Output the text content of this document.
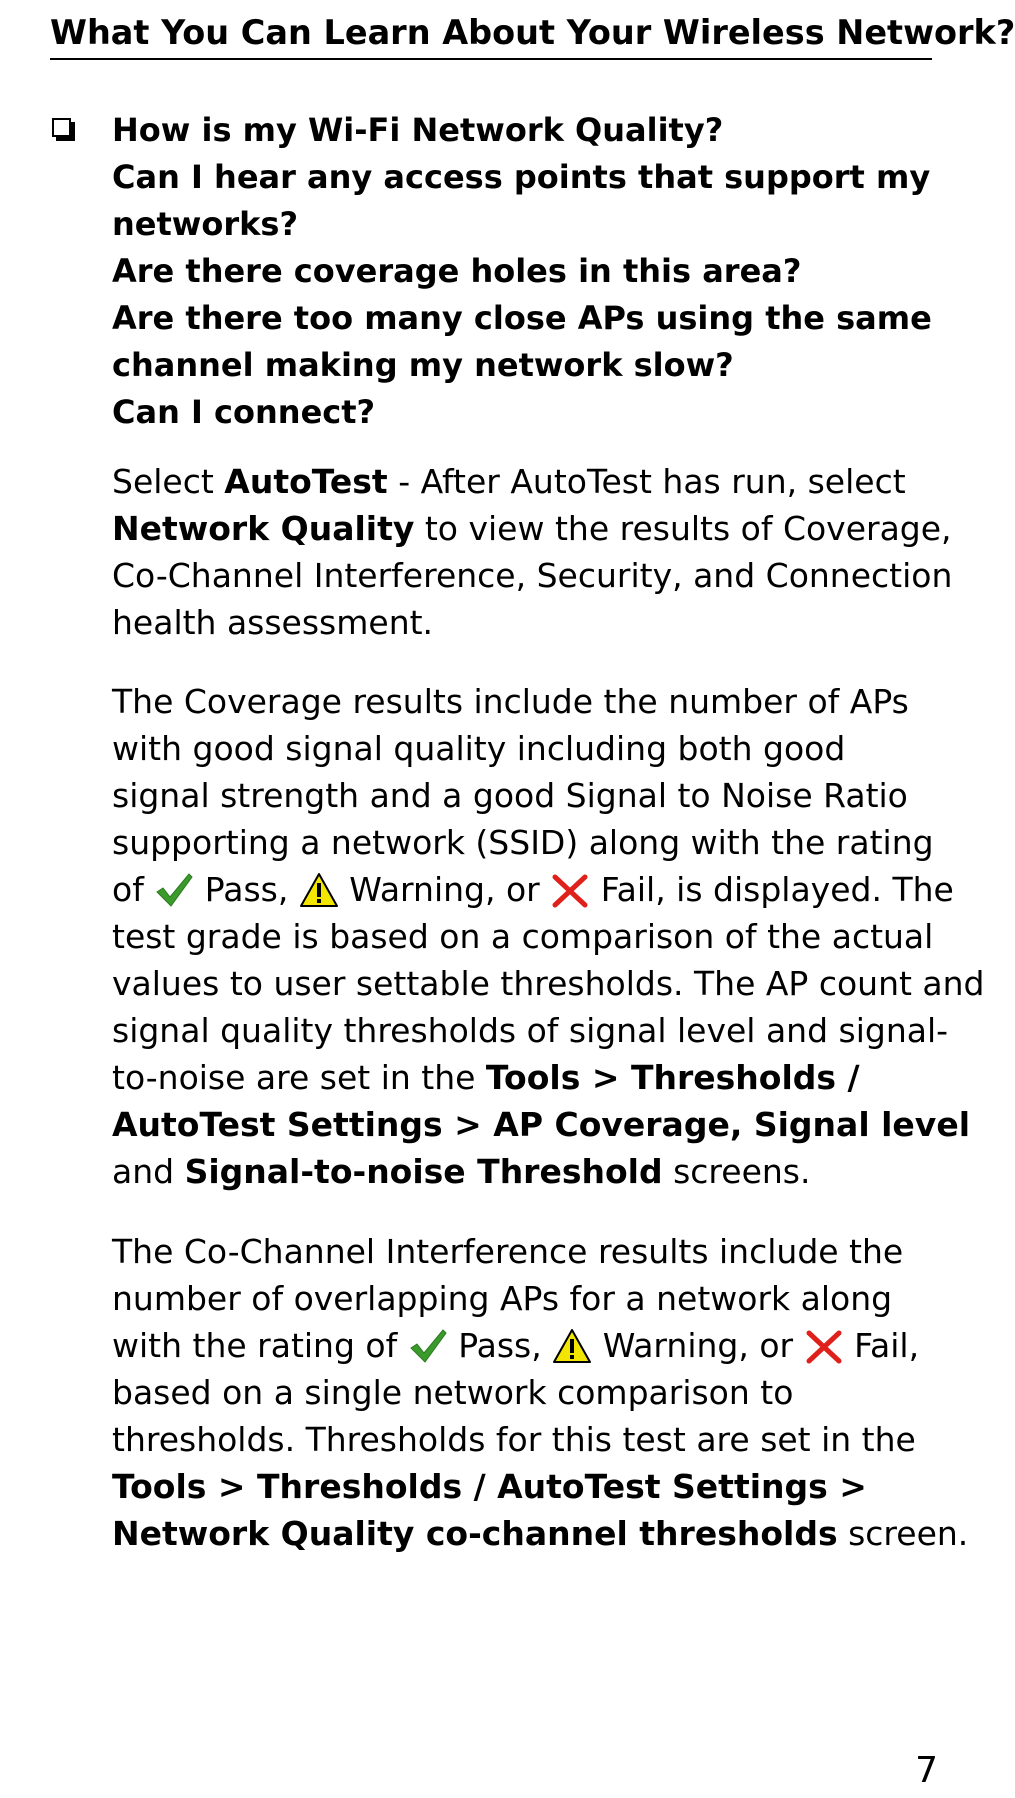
What You Can Learn About Your Wireless Network?
How is my Wi-Fi Network Quality?
Can I hear any access points that support my
networks?
Are there coverage holes in this area?
Are there too many close APs using the same
channel making my network slow?
Can I connect?
Select AutoTest - After AutoTest has run, select
Network Quality to view the results of Coverage,
Co-Channel Interference, Security, and Connection
health assessment.
The Coverage results include the number of APs
with good signal quality including both good
signal strength and a good Signal to Noise Ratio
supporting a network (SSID) along with the rating
of  Pass,  Warning, or  Fail, is displayed. The
test grade is based on a comparison of the actual
values to user settable thresholds. The AP count and
signal quality thresholds of signal level and signal-
to-noise are set in the Tools > Thresholds /
AutoTest Settings > AP Coverage, Signal level
and Signal-to-noise Threshold screens.
The Co-Channel Interference results include the
number of overlapping APs for a network along
with the rating of  Pass,  Warning, or  Fail,
based on a single network comparison to
thresholds. Thresholds for this test are set in the
Tools > Thresholds / AutoTest Settings >
Network Quality co-channel thresholds screen.
7
